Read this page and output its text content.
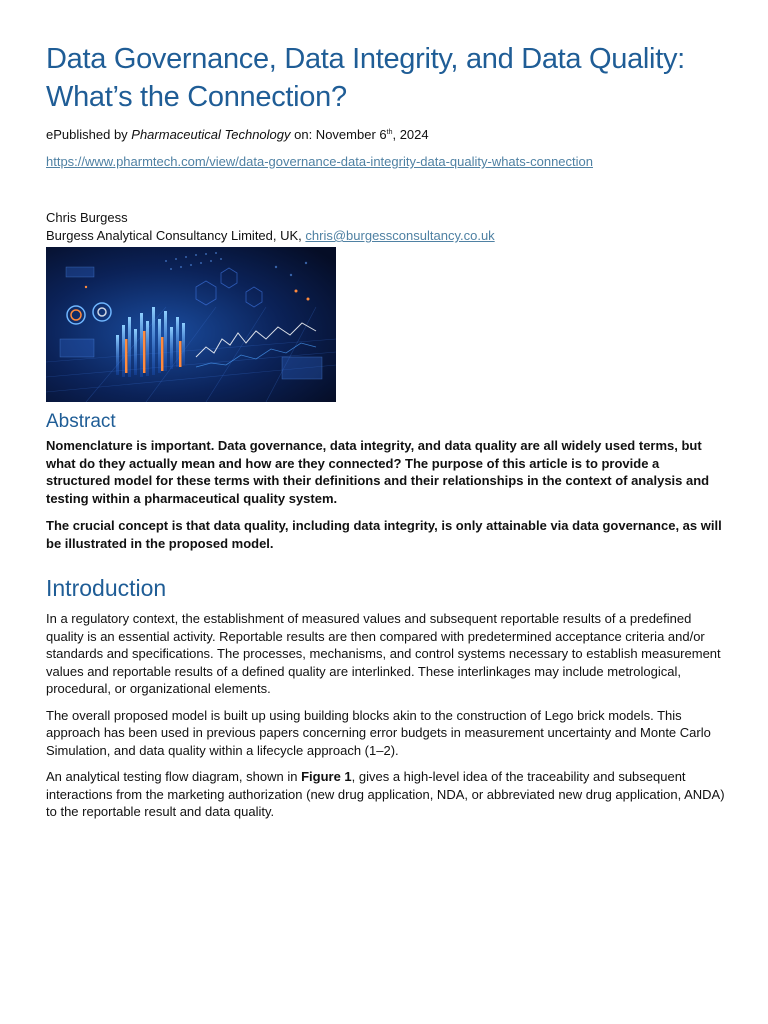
Data Governance, Data Integrity, and Data Quality:
What’s the Connection?
ePublished by Pharmaceutical Technology on: November 6th, 2024
https://www.pharmtech.com/view/data-governance-data-integrity-data-quality-whats-connection
Chris Burgess
Burgess Analytical Consultancy Limited, UK, chris@burgessconsultancy.co.uk
Abstract

Nomenclature is important. Data governance, data integrity, and data quality are all widely used terms, but what do they actually mean and how are they connected? The purpose of this article is to provide a structured model for these terms with their definitions and their relationships in the context of analysis and testing within a pharmaceutical quality system.

The crucial concept is that data quality, including data integrity, is only attainable via data governance, as will be illustrated in the proposed model.

Introduction

In a regulatory context, the establishment of measured values and subsequent reportable results of a predefined quality is an essential activity. Reportable results are then compared with predetermined acceptance criteria and/or standards and specifications. The processes, mechanisms, and control systems necessary to establish measurement values and reportable results of a defined quality are interlinked. These interlinkages may include metrological, procedural, or organizational elements.

The overall proposed model is built up using building blocks akin to the construction of Lego brick models. This approach has been used in previous papers concerning error budgets in measurement uncertainty and Monte Carlo Simulation, and data quality within a lifecycle approach (1–2).

An analytical testing flow diagram, shown in Figure 1, gives a high-level idea of the traceability and subsequent interactions from the marketing authorization (new drug application, NDA, or abbreviated new drug application, ANDA) to the reportable result and data quality.
